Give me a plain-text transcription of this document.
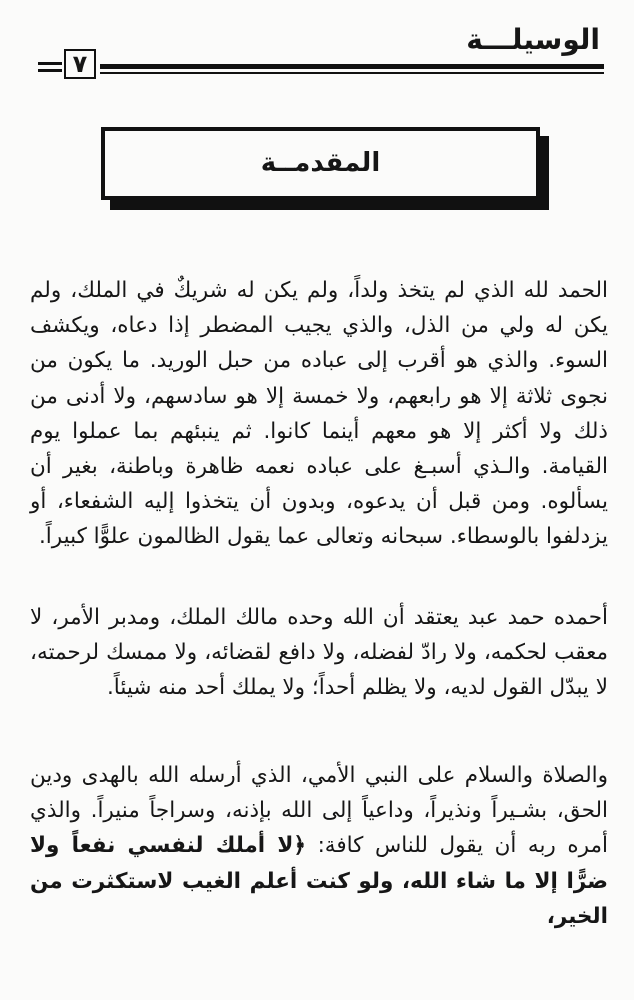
الوسيلـــة
٧
المقدمــة
الحمد لله الذي لم يتخذ ولداً، ولم يكن له شريكٌ في الملك، ولم يكن له ولي من الذل، والذي يجيب المضطر إذا دعاه، ويكشف السوء. والذي هو أقرب إلى عباده من حبل الوريد. ما يكون من نجوى ثلاثة إلا هو رابعهم، ولا خمسة إلا هو سادسهم، ولا أدنى من ذلك ولا أكثر إلا هو معهم أينما كانوا. ثم ينبئهم بما عملوا يوم القيامة. والـذي أسبـغ على عباده نعمه ظاهرة وباطنة، بغير أن يسألوه. ومن قبل أن يدعوه، وبدون أن يتخذوا إليه الشفعاء، أو يزدلفوا بالوسطاء. سبحانه وتعالى عما يقول الظالمون علوًّا كبيراً.
أحمده حمد عبد يعتقد أن الله وحده مالك الملك، ومدبر الأمر، لا معقب لحكمه، ولا رادّ لفضله، ولا دافع لقضائه، ولا ممسك لرحمته، لا يبدّل القول لديه، ولا يظلم أحداً؛ ولا يملك أحد منه شيئاً.
والصلاة والسلام على النبي الأمي، الذي أرسله الله بالهدى ودين الحق، بشـيراً ونذيراً، وداعياً إلى الله بإذنه، وسراجاً منيراً. والذي أمره ربه أن يقول للناس كافة: ﴿لا أملك لنفسي نفعاً ولا ضرًّا إلا ما شاء الله، ولو كنت أعلم الغيب لاستكثرت من الخير،
